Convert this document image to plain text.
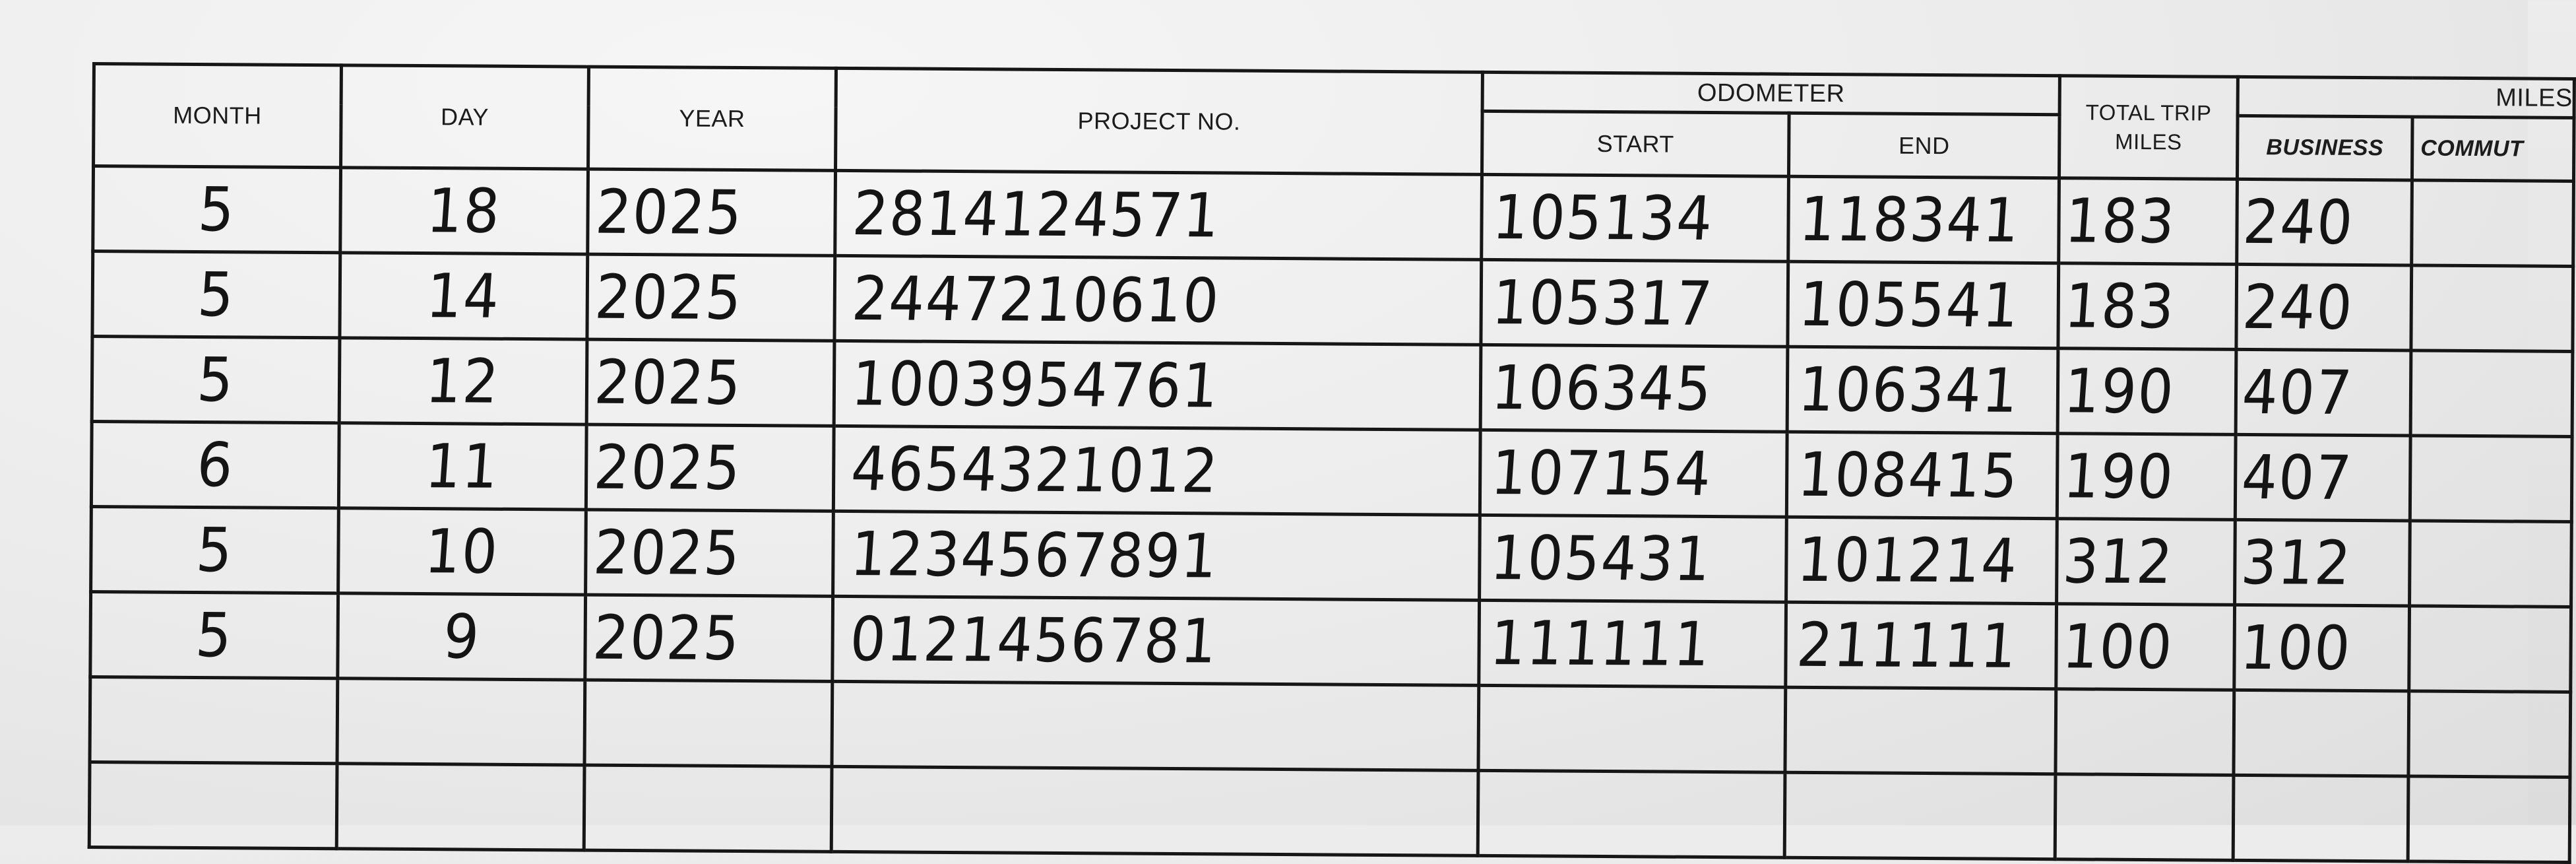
MONTH	DAY	YEAR	PROJECT NO.	ODOMETER		TOTAL TRIP MILES	MILES	
				START	END		BUSINESS	COMMUT
5	18	2025	2814124571	105134	118341	183	240	
5	14	2025	2447210610	105317	105541	183	240	
5	12	2025	1003954761	106345	106341	190	407	
6	11	2025	4654321012	107154	108415	190	407	
5	10	2025	1234567891	105431	101214	312	312	
5	9	2025	0121456781	111111	211111	100	100	
